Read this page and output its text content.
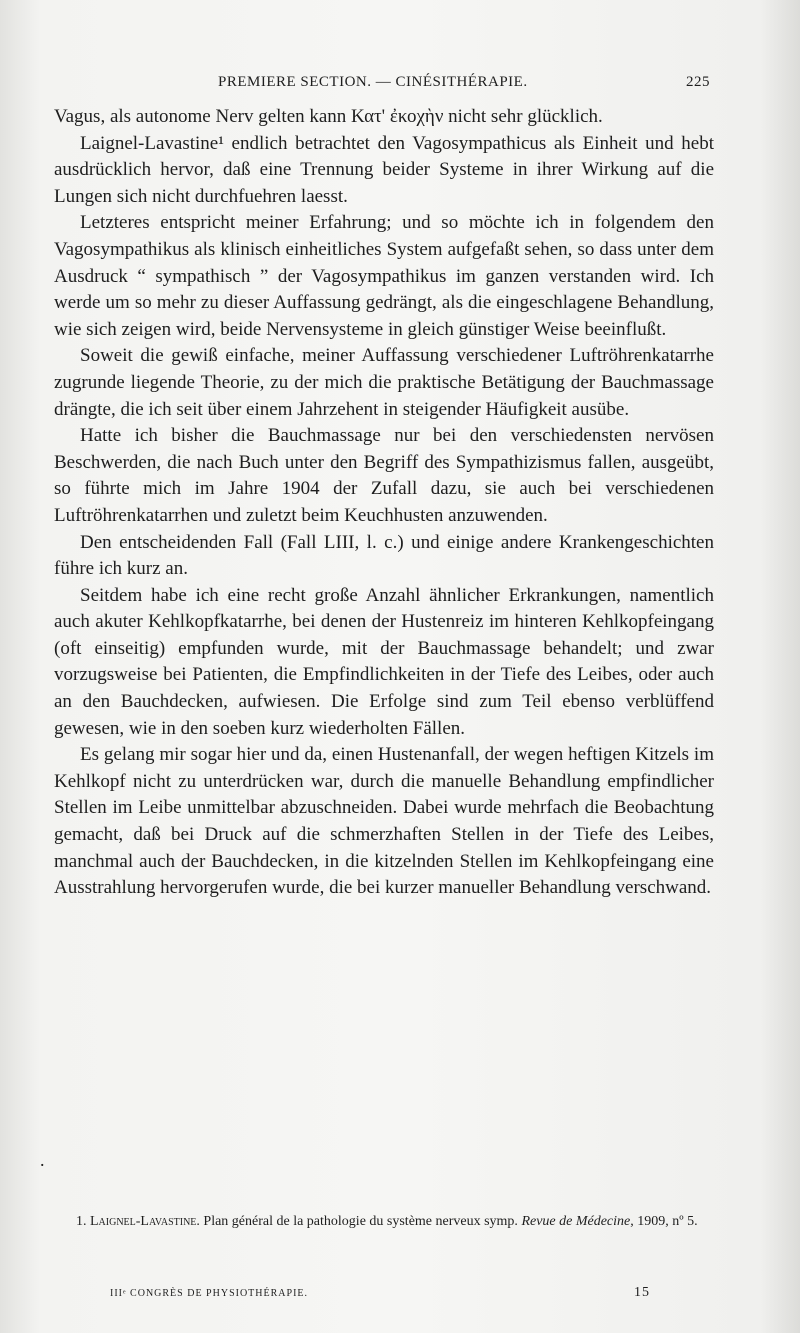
PREMIERE SECTION. — CINÉSITHÉRAPIE.	225

Vagus, als autonome Nerv gelten kann Κατ' ἐκοχὴν nicht sehr glücklich.

Laignel-Lavastine¹ endlich betrachtet den Vagosympathicus als Einheit und hebt ausdrücklich hervor, daß eine Trennung beider Systeme in ihrer Wirkung auf die Lungen sich nicht durchfuehren laesst.

Letzteres entspricht meiner Erfahrung; und so möchte ich in folgendem den Vagosympathikus als klinisch einheitliches System aufgefaßt sehen, so dass unter dem Ausdruck “ sympathisch ” der Vagosympathikus im ganzen verstanden wird. Ich werde um so mehr zu dieser Auffassung gedrängt, als die eingeschlagene Behandlung, wie sich zeigen wird, beide Nervensysteme in gleich günstiger Weise beeinflußt.

Soweit die gewiß einfache, meiner Auffassung verschiedener Luftröhrenkatarrhe zugrunde liegende Theorie, zu der mich die praktische Betätigung der Bauchmassage drängte, die ich seit über einem Jahrzehent in steigender Häufigkeit ausübe.

Hatte ich bisher die Bauchmassage nur bei den verschiedensten nervösen Beschwerden, die nach Buch unter den Begriff des Sympathizismus fallen, ausgeübt, so führte mich im Jahre 1904 der Zufall dazu, sie auch bei verschiedenen Luftröhrenkatarrhen und zuletzt beim Keuchhusten anzuwenden.

Den entscheidenden Fall (Fall LIII, l. c.) und einige andere Krankengeschichten führe ich kurz an.

Seitdem habe ich eine recht große Anzahl ähnlicher Erkrankungen, namentlich auch akuter Kehlkopfkatarrhe, bei denen der Hustenreiz im hinteren Kehlkopfeingang (oft einseitig) empfunden wurde, mit der Bauchmassage behandelt; und zwar vorzugsweise bei Patienten, die Empfindlichkeiten in der Tiefe des Leibes, oder auch an den Bauchdecken, aufwiesen. Die Erfolge sind zum Teil ebenso verblüffend gewesen, wie in den soeben kurz wiederholten Fällen.

Es gelang mir sogar hier und da, einen Hustenanfall, der wegen heftigen Kitzels im Kehlkopf nicht zu unterdrücken war, durch die manuelle Behandlung empfindlicher Stellen im Leibe unmittelbar abzuschneiden. Dabei wurde mehrfach die Beobachtung gemacht, daß bei Druck auf die schmerzhaften Stellen in der Tiefe des Leibes, manchmal auch der Bauchdecken, in die kitzelnden Stellen im Kehlkopfeingang eine Ausstrahlung hervorgerufen wurde, die bei kurzer manueller Behandlung verschwand.

.
1. Laignel-Lavastine. Plan général de la pathologie du système nerveux symp. Revue de Médecine, 1909, nº 5.
IIIᵉ CONGRÈS DE PHYSIOTHÉRAPIE.	15
